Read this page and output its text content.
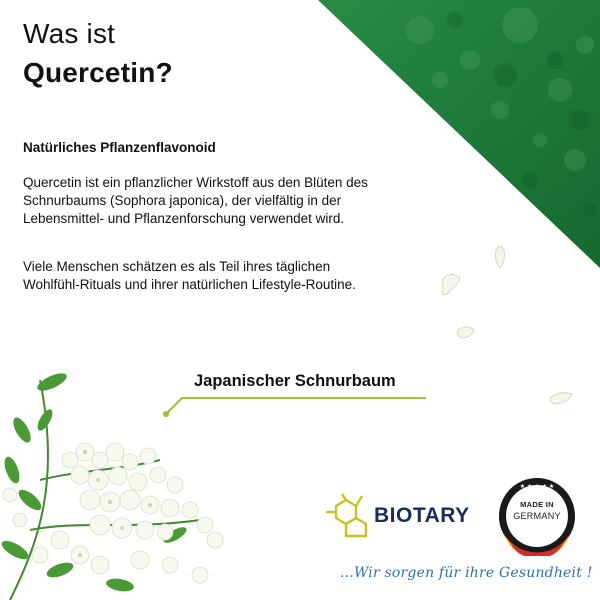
Was ist
Quercetin?
Natürliches Pflanzenflavonoid
Quercetin ist ein pflanzlicher Wirkstoff aus den Blüten des Schnurbaums (Sophora japonica), der vielfältig in der Lebensmittel- und Pflanzenforschung verwendet wird.
Viele Menschen schätzen es als Teil ihres täglichen Wohlfühl-Rituals und ihrer natürlichen Lifestyle-Routine.
Japanischer Schnurbaum
BIOTARY
★ ★ ★ ★ ★
MADE IN
GERMANY
...Wir sorgen für ihre Gesundheit !
